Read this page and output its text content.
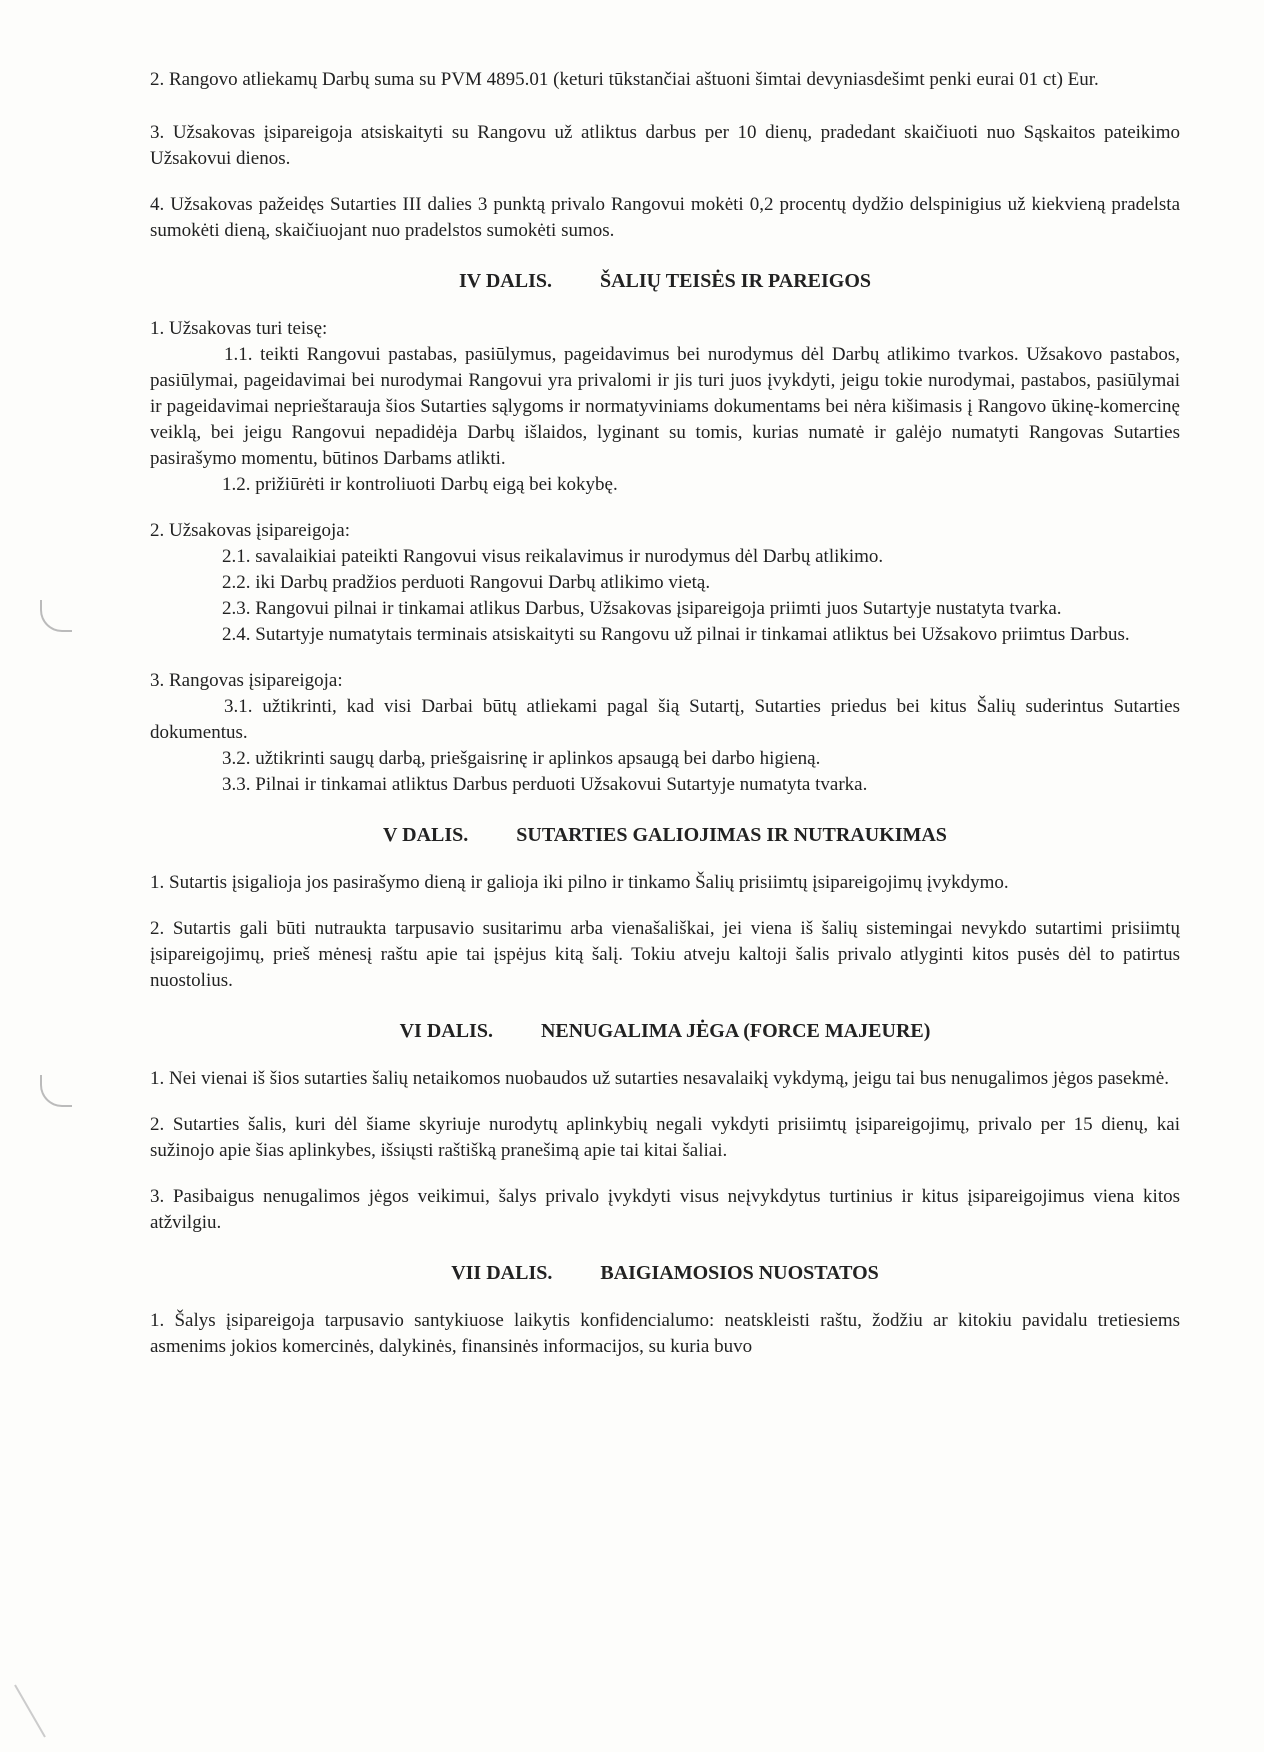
2. Rangovo atliekamų Darbų suma su PVM 4895.01 (keturi tūkstančiai aštuoni šimtai devyniasdešimt penki eurai 01 ct) Eur.

3. Užsakovas įsipareigoja atsiskaityti su Rangovu už atliktus darbus per 10 dienų, pradedant skaičiuoti nuo Sąskaitos pateikimo Užsakovui dienos.

4. Užsakovas pažeidęs Sutarties III dalies 3 punktą privalo Rangovui mokėti 0,2 procentų dydžio delspinigius už kiekvieną pradelsta sumokėti dieną, skaičiuojant nuo pradelstos sumokėti sumos.

IV DALIS. ŠALIŲ TEISĖS IR PAREIGOS

1. Užsakovas turi teisę:

1.1. teikti Rangovui pastabas, pasiūlymus, pageidavimus bei nurodymus dėl Darbų atlikimo tvarkos. Užsakovo pastabos, pasiūlymai, pageidavimai bei nurodymai Rangovui yra privalomi ir jis turi juos įvykdyti, jeigu tokie nurodymai, pastabos, pasiūlymai ir pageidavimai neprieštarauja šios Sutarties sąlygoms ir normatyviniams dokumentams bei nėra kišimasis į Rangovo ūkinę-komercinę veiklą, bei jeigu Rangovui nepadidėja Darbų išlaidos, lyginant su tomis, kurias numatė ir galėjo numatyti Rangovas Sutarties pasirašymo momentu, būtinos Darbams atlikti.

1.2. prižiūrėti ir kontroliuoti Darbų eigą bei kokybę.

2. Užsakovas įsipareigoja:

2.1. savalaikiai pateikti Rangovui visus reikalavimus ir nurodymus dėl Darbų atlikimo.

2.2. iki Darbų pradžios perduoti Rangovui Darbų atlikimo vietą.

2.3. Rangovui pilnai ir tinkamai atlikus Darbus, Užsakovas įsipareigoja priimti juos Sutartyje nustatyta tvarka.

2.4. Sutartyje numatytais terminais atsiskaityti su Rangovu už pilnai ir tinkamai atliktus bei Užsakovo priimtus Darbus.

3. Rangovas įsipareigoja:

3.1. užtikrinti, kad visi Darbai būtų atliekami pagal šią Sutartį, Sutarties priedus bei kitus Šalių suderintus Sutarties dokumentus.

3.2. užtikrinti saugų darbą, priešgaisrinę ir aplinkos apsaugą bei darbo higieną.

3.3. Pilnai ir tinkamai atliktus Darbus perduoti Užsakovui Sutartyje numatyta tvarka.

V DALIS. SUTARTIES GALIOJIMAS IR NUTRAUKIMAS

1. Sutartis įsigalioja jos pasirašymo dieną ir galioja iki pilno ir tinkamo Šalių prisiimtų įsipareigojimų įvykdymo.

2. Sutartis gali būti nutraukta tarpusavio susitarimu arba vienašališkai, jei viena iš šalių sistemingai nevykdo sutartimi prisiimtų įsipareigojimų, prieš mėnesį raštu apie tai įspėjus kitą šalį. Tokiu atveju kaltoji šalis privalo atlyginti kitos pusės dėl to patirtus nuostolius.

VI DALIS. NENUGALIMA JĖGA (FORCE MAJEURE)

1. Nei vienai iš šios sutarties šalių netaikomos nuobaudos už sutarties nesavalaikį vykdymą, jeigu tai bus nenugalimos jėgos pasekmė.

2. Sutarties šalis, kuri dėl šiame skyriuje nurodytų aplinkybių negali vykdyti prisiimtų įsipareigojimų, privalo per 15 dienų, kai sužinojo apie šias aplinkybes, išsiųsti raštišką pranešimą apie tai kitai šaliai.

3. Pasibaigus nenugalimos jėgos veikimui, šalys privalo įvykdyti visus neįvykdytus turtinius ir kitus įsipareigojimus viena kitos atžvilgiu.

VII DALIS. BAIGIAMOSIOS NUOSTATOS

1. Šalys įsipareigoja tarpusavio santykiuose laikytis konfidencialumo: neatskleisti raštu, žodžiu ar kitokiu pavidalu tretiesiems asmenims jokios komercinės, dalykinės, finansinės informacijos, su kuria buvo
